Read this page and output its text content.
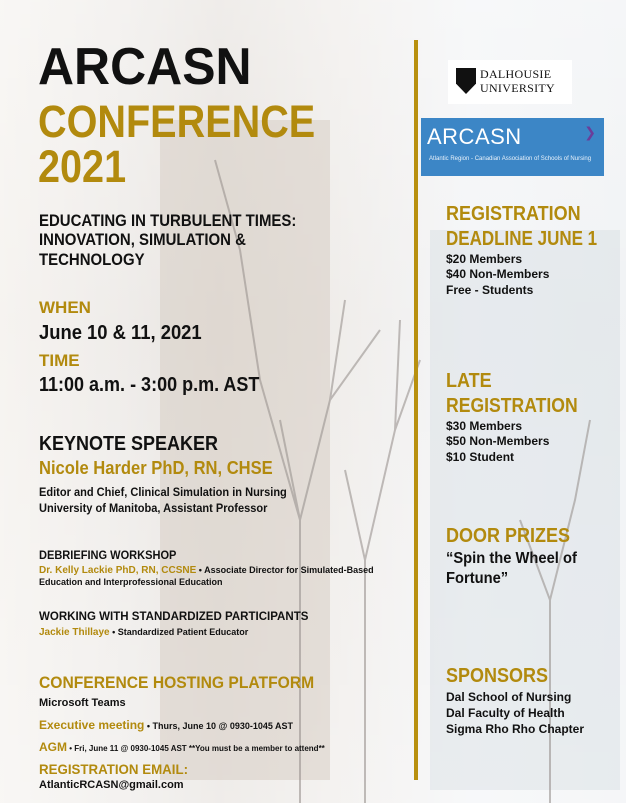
ARCASN

CONFERENCE

2021

EDUCATING IN TURBULENT TIMES:

INNOVATION, SIMULATION &

TECHNOLOGY

WHEN

June 10 & 11, 2021

TIME

11:00 a.m. - 3:00 p.m. AST

KEYNOTE SPEAKER

Nicole Harder PhD, RN, CHSE

Editor and Chief, Clinical Simulation in Nursing

University of Manitoba, Assistant Professor

DEBRIEFING WORKSHOP

Dr. Kelly Lackie PhD, RN, CCSNE • Associate Director for Simulated-Based

Education and Interprofessional Education

WORKING WITH STANDARDIZED PARTICIPANTS

Jackie Thillaye • Standardized Patient Educator

CONFERENCE HOSTING PLATFORM

Microsoft Teams

Executive meeting • Thurs, June 10 @ 0930-1045 AST

AGM • Fri, June 11 @ 0930-1045 AST **You must be a member to attend**

REGISTRATION EMAIL:

AtlanticRCASN@gmail.com

DALHOUSIE
UNIVERSITY
ARCASN
Atlantic Region - Canadian Association of Schools of Nursing
❯

REGISTRATION

DEADLINE JUNE 1

$20 Members

$40 Non-Members

Free - Students

LATE

REGISTRATION

$30 Members

$50 Non-Members

$10 Student

DOOR PRIZES

“Spin the Wheel of

Fortune”

SPONSORS

Dal School of Nursing

Dal Faculty of Health

Sigma Rho Rho Chapter
